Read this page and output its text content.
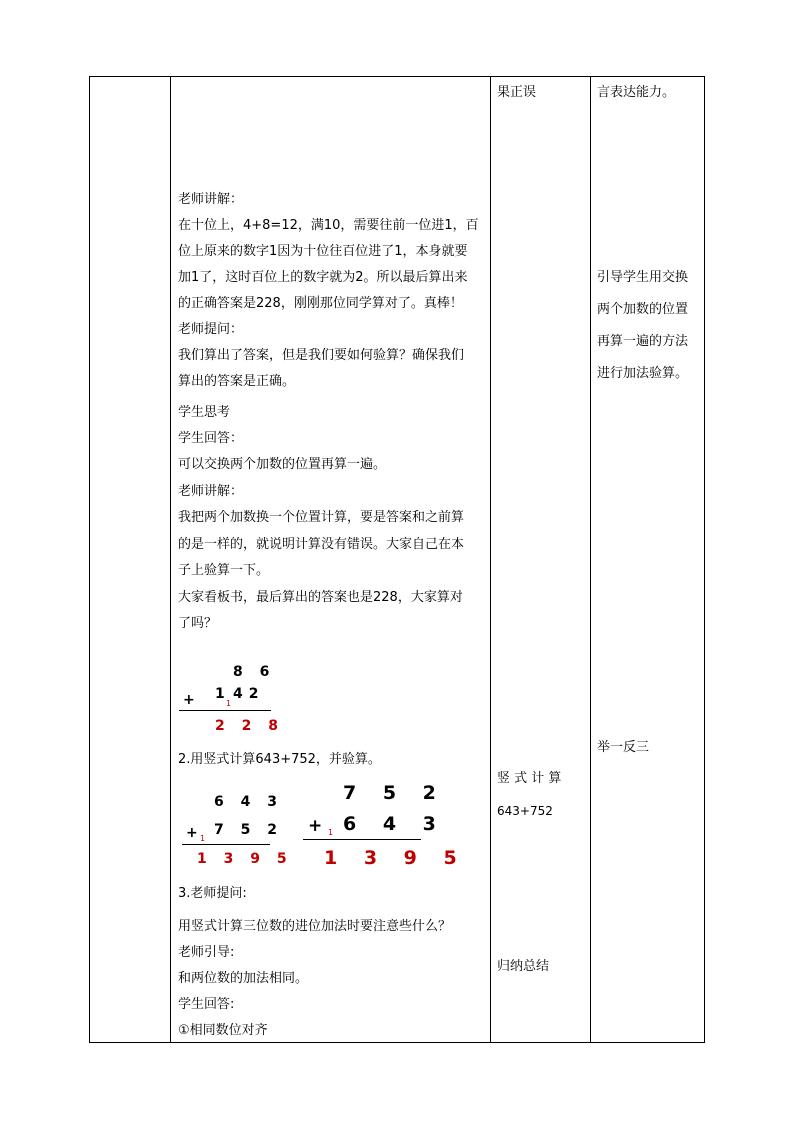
果正误
竖 式 计 算
643+752
归纳总结
言表达能力。
引导学生用交换
两个加数的位置
再算一遍的方法
进行加法验算。
举一反三
老师讲解：
在十位上，4+8=12，满10，需要往前一位进1，百
位上原来的数字1因为十位往百位进了1，本身就要
加1了，这时百位上的数字就为2。所以最后算出来
的正确答案是228，刚刚那位同学算对了。真棒！
老师提问：
我们算出了答案，但是我们要如何验算？确保我们
算出的答案是正确。
学生思考
学生回答：
可以交换两个加数的位置再算一遍。
老师讲解：
我把两个加数换一个位置计算，要是答案和之前算
的是一样的，就说明计算没有错误。大家自己在本
子上验算一下。
大家看板书，最后算出的答案也是228，大家算对
了吗？
8 6
+ 1
1
42
2 2 8
2.用竖式计算643+752，并验算。
6 4 3
+ 1
7 5 2
1 3 9 5
7 5 2
+ 1 6 4 3
1 3 9 5
3.老师提问:
用竖式计算三位数的进位加法时要注意些什么？
老师引导:
和两位数的加法相同。
学生回答:
①相同数位对齐
